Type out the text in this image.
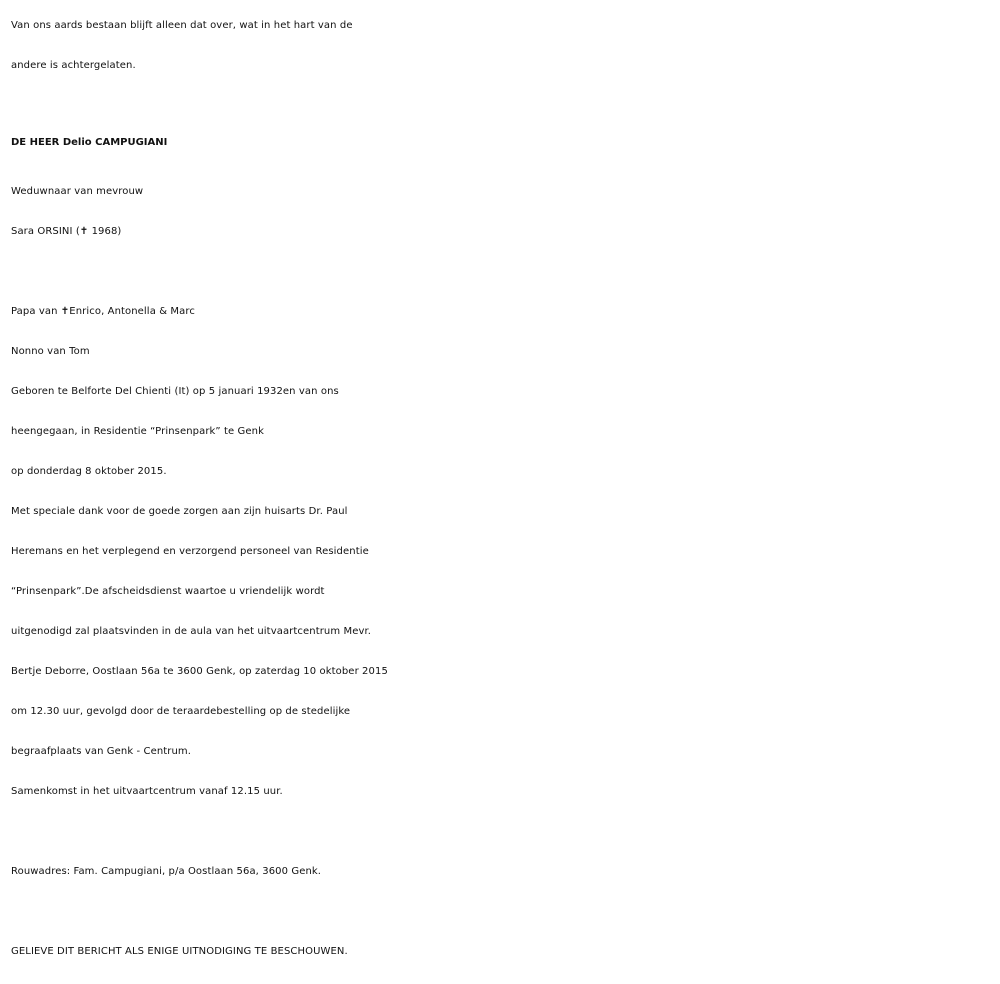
Van ons aards bestaan blijft alleen dat over, wat in het hart van de
andere is achtergelaten.
DE HEER Delio CAMPUGIANI
Weduwnaar van mevrouw
Sara ORSINI (✝ 1968)
Papa van ✝Enrico, Antonella & Marc
Nonno van Tom
Geboren te Belforte Del Chienti (It) op 5 januari 1932en van ons
heengegaan, in Residentie “Prinsenpark” te Genk
op donderdag 8 oktober 2015.
Met speciale dank voor de goede zorgen aan zijn huisarts Dr. Paul
Heremans en het verplegend en verzorgend personeel van Residentie
“Prinsenpark”.De afscheidsdienst waartoe u vriendelijk wordt
uitgenodigd zal plaatsvinden in de aula van het uitvaartcentrum Mevr.
Bertje Deborre, Oostlaan 56a te 3600 Genk, op zaterdag 10 oktober 2015
om 12.30 uur, gevolgd door de teraardebestelling op de stedelijke
begraafplaats van Genk - Centrum.
Samenkomst in het uitvaartcentrum vanaf 12.15 uur.
Rouwadres: Fam. Campugiani, p/a Oostlaan 56a, 3600 Genk.
GELIEVE DIT BERICHT ALS ENIGE UITNODIGING TE BESCHOUWEN.
